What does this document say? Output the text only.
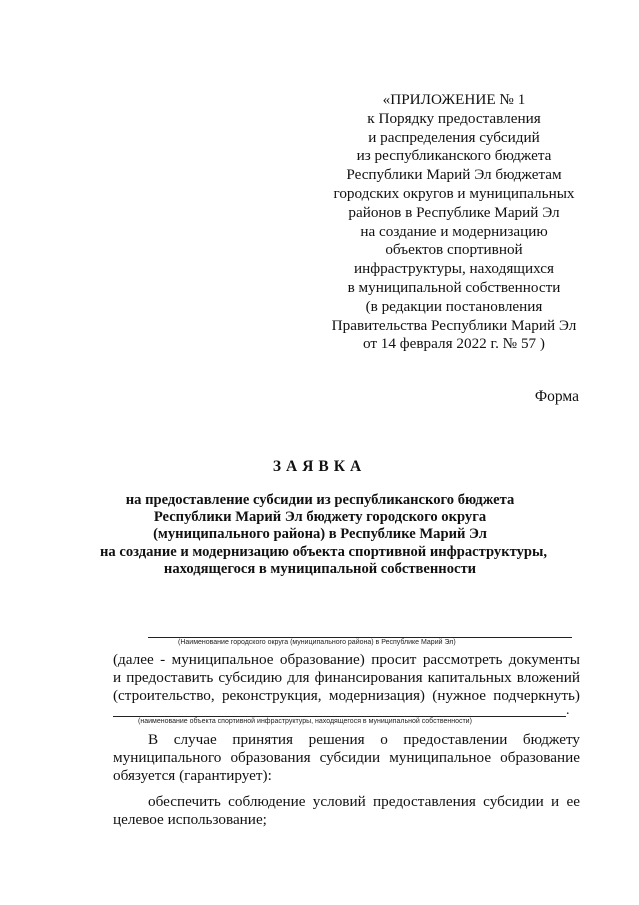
«ПРИЛОЖЕНИЕ № 1
к Порядку предоставления
и распределения субсидий
из республиканского бюджета
Республики Марий Эл бюджетам
городских округов и муниципальных
районов в Республике Марий Эл
на создание и модернизацию
объектов спортивной
инфраструктуры, находящихся
в муниципальной собственности
(в редакции постановления
Правительства Республики Марий Эл
от 14 февраля 2022 г. № 57 )
Форма
ЗАЯВКА
на предоставление субсидии из республиканского бюджета
Республики Марий Эл бюджету городского округа
(муниципального района) в Республике Марий Эл
на создание и модернизацию объекта спортивной инфраструктуры,
находящегося в муниципальной собственности
(Наименование городского округа (муниципального района) в Республике Марий Эл)
(далее - муниципальное образование) просит рассмотреть документы
и предоставить субсидию для финансирования капитальных вложений
(строительство, реконструкция, модернизация) (нужное подчеркнуть)
.
(наименование объекта спортивной инфраструктуры, находящегося в муниципальной собственности)
В случае принятия решения о предоставлении бюджету
муниципального образования субсидии муниципальное образование
обязуется (гарантирует):
обеспечить соблюдение условий предоставления субсидии и ее
целевое использование;
